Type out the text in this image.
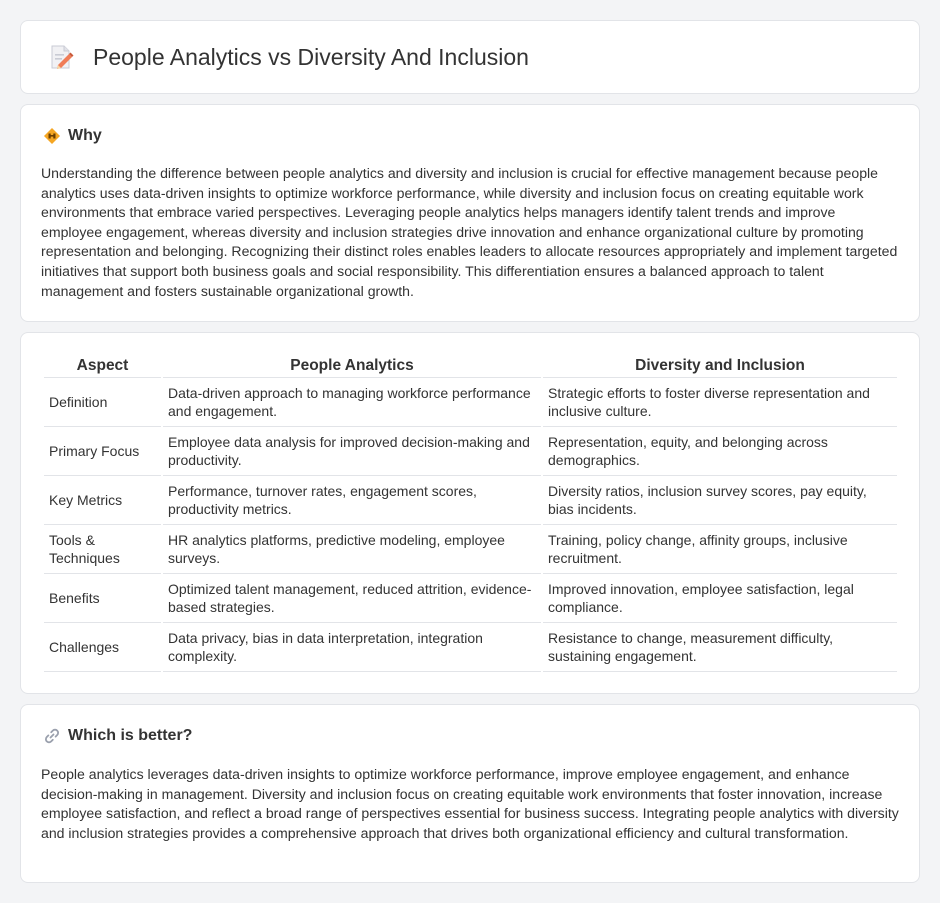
People Analytics vs Diversity And Inclusion
Why

Understanding the difference between people analytics and diversity and inclusion is crucial for effective management because people analytics uses data-driven insights to optimize workforce performance, while diversity and inclusion focus on creating equitable work environments that embrace varied perspectives. Leveraging people analytics helps managers identify talent trends and improve employee engagement, whereas diversity and inclusion strategies drive innovation and enhance organizational culture by promoting representation and belonging. Recognizing their distinct roles enables leaders to allocate resources appropriately and implement targeted initiatives that support both business goals and social responsibility. This differentiation ensures a balanced approach to talent management and fosters sustainable organizational growth.

Aspect	People Analytics	Diversity and Inclusion
Definition	Data-driven approach to managing workforce performance and engagement.	Strategic efforts to foster diverse representation and inclusive culture.
Primary Focus	Employee data analysis for improved decision-making and productivity.	Representation, equity, and belonging across demographics.
Key Metrics	Performance, turnover rates, engagement scores, productivity metrics.	Diversity ratios, inclusion survey scores, pay equity, bias incidents.
Tools & Techniques	HR analytics platforms, predictive modeling, employee surveys.	Training, policy change, affinity groups, inclusive recruitment.
Benefits	Optimized talent management, reduced attrition, evidence-based strategies.	Improved innovation, employee satisfaction, legal compliance.
Challenges	Data privacy, bias in data interpretation, integration complexity.	Resistance to change, measurement difficulty, sustaining engagement.
Which is better?

People analytics leverages data-driven insights to optimize workforce performance, improve employee engagement, and enhance decision-making in management. Diversity and inclusion focus on creating equitable work environments that foster innovation, increase employee satisfaction, and reflect a broad range of perspectives essential for business success. Integrating people analytics with diversity and inclusion strategies provides a comprehensive approach that drives both organizational efficiency and cultural transformation.
